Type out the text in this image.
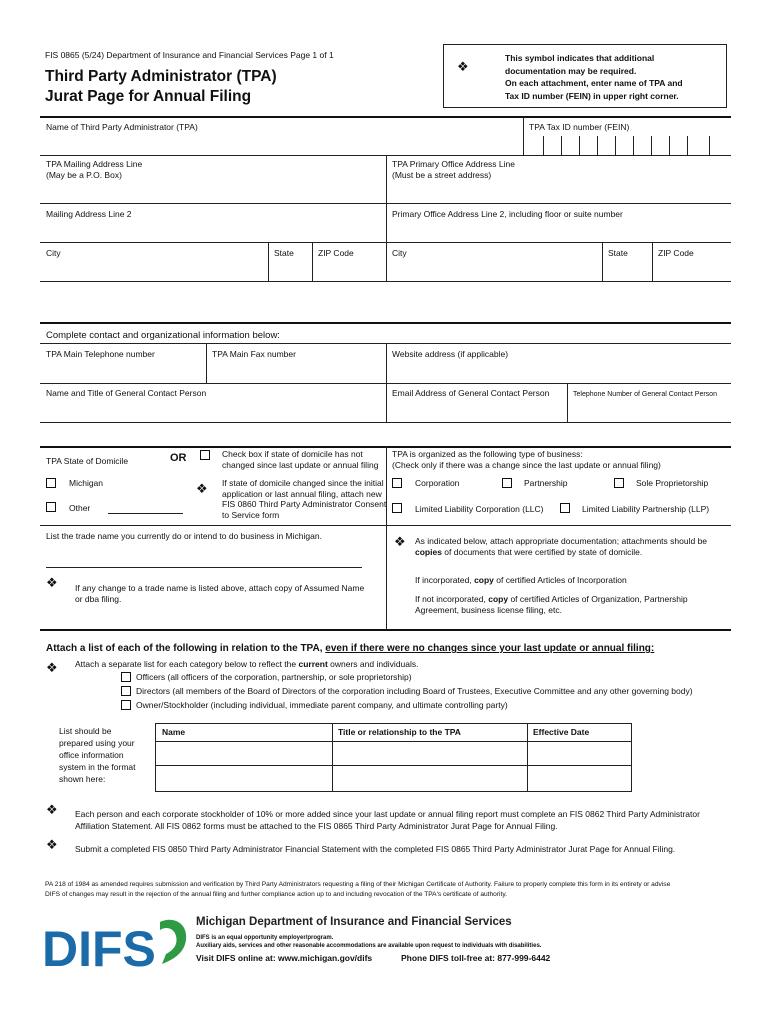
FIS 0865 (5/24) Department of Insurance and Financial Services Page 1 of 1
Third Party Administrator (TPA)
Jurat Page for Annual Filing
❖
This symbol indicates that additional
documentation may be required.
On each attachment, enter name of TPA and
Tax ID number (FEIN) in upper right corner.
Name of Third Party Administrator (TPA)	TPA Tax ID number (FEIN)
TPA Mailing Address Line
(May be a P.O. Box)
TPA Primary Office Address Line
(Must be a street address)
Mailing Address Line 2	Primary Office Address Line 2, including floor or suite number
City	State	ZIP Code	City	State	ZIP Code
Complete contact and organizational information below:
TPA Main Telephone number	TPA Main Fax number	Website address (if applicable)
Name and Title of General Contact Person	Email Address of General Contact Person	Telephone Number of General Contact Person
TPA State of Domicile	OR	Check box if state of domicile has not
changed since last update or annual filing
Michigan
Other
❖ If state of domicile changed since the initial
application or last annual filing, attach new
FIS 0860 Third Party Administrator Consent
to Service form
List the trade name you currently do or intend to do business in Michigan.
❖ If any change to a trade name is listed above, attach copy of Assumed Name
or dba filing.
TPA is organized as the following type of business:
(Check only if there was a change since the last update or annual filing)
Corporation	Partnership	Sole Proprietorship
Limited Liability Corporation (LLC)	Limited Liability Partnership (LLP)
❖ As indicated below, attach appropriate documentation; attachments should be
copies of documents that were certified by state of domicile.
If incorporated, copy of certified Articles of Incorporation
If not incorporated, copy of certified Articles of Organization, Partnership
Agreement, business license filing, etc.
Attach a list of each of the following in relation to the TPA, even if there were no changes since your last update or annual filing:
❖ Attach a separate list for each category below to reflect the current owners and individuals.
Officers (all officers of the corporation, partnership, or sole proprietorship)
Directors (all members of the Board of Directors of the corporation including Board of Trustees, Executive Committee and any other governing body)
Owner/Stockholder (including individual, immediate parent company, and ultimate controlling party)
List should be
prepared using your
office information
system in the format
shown here:
Name	Title or relationship to the TPA	Effective Date
❖ Each person and each corporate stockholder of 10% or more added since your last update or annual filing report must complete an FIS 0862 Third Party Administrator
Affiliation Statement. All FIS 0862 forms must be attached to the FIS 0865 Third Party Administrator Jurat Page for Annual Filing.
❖ Submit a completed FIS 0850 Third Party Administrator Financial Statement with the completed FIS 0865 Third Party Administrator Jurat Page for Annual Filing.
PA 218 of 1984 as amended requires submission and verification by Third Party Administrators requesting a filing of their Michigan Certificate of Authority. Failure to properly complete this form in its entirety or advise
DIFS of changes may result in the rejection of the annual filing and further compliance action up to and including revocation of the TPA's certificate of authority.
DIFS	Michigan Department of Insurance and Financial Services
DIFS is an equal opportunity employer/program.
Auxiliary aids, services and other reasonable accommodations are available upon request to individuals with disabilities.
Visit DIFS online at: www.michigan.gov/difs	Phone DIFS toll-free at: 877-999-6442
